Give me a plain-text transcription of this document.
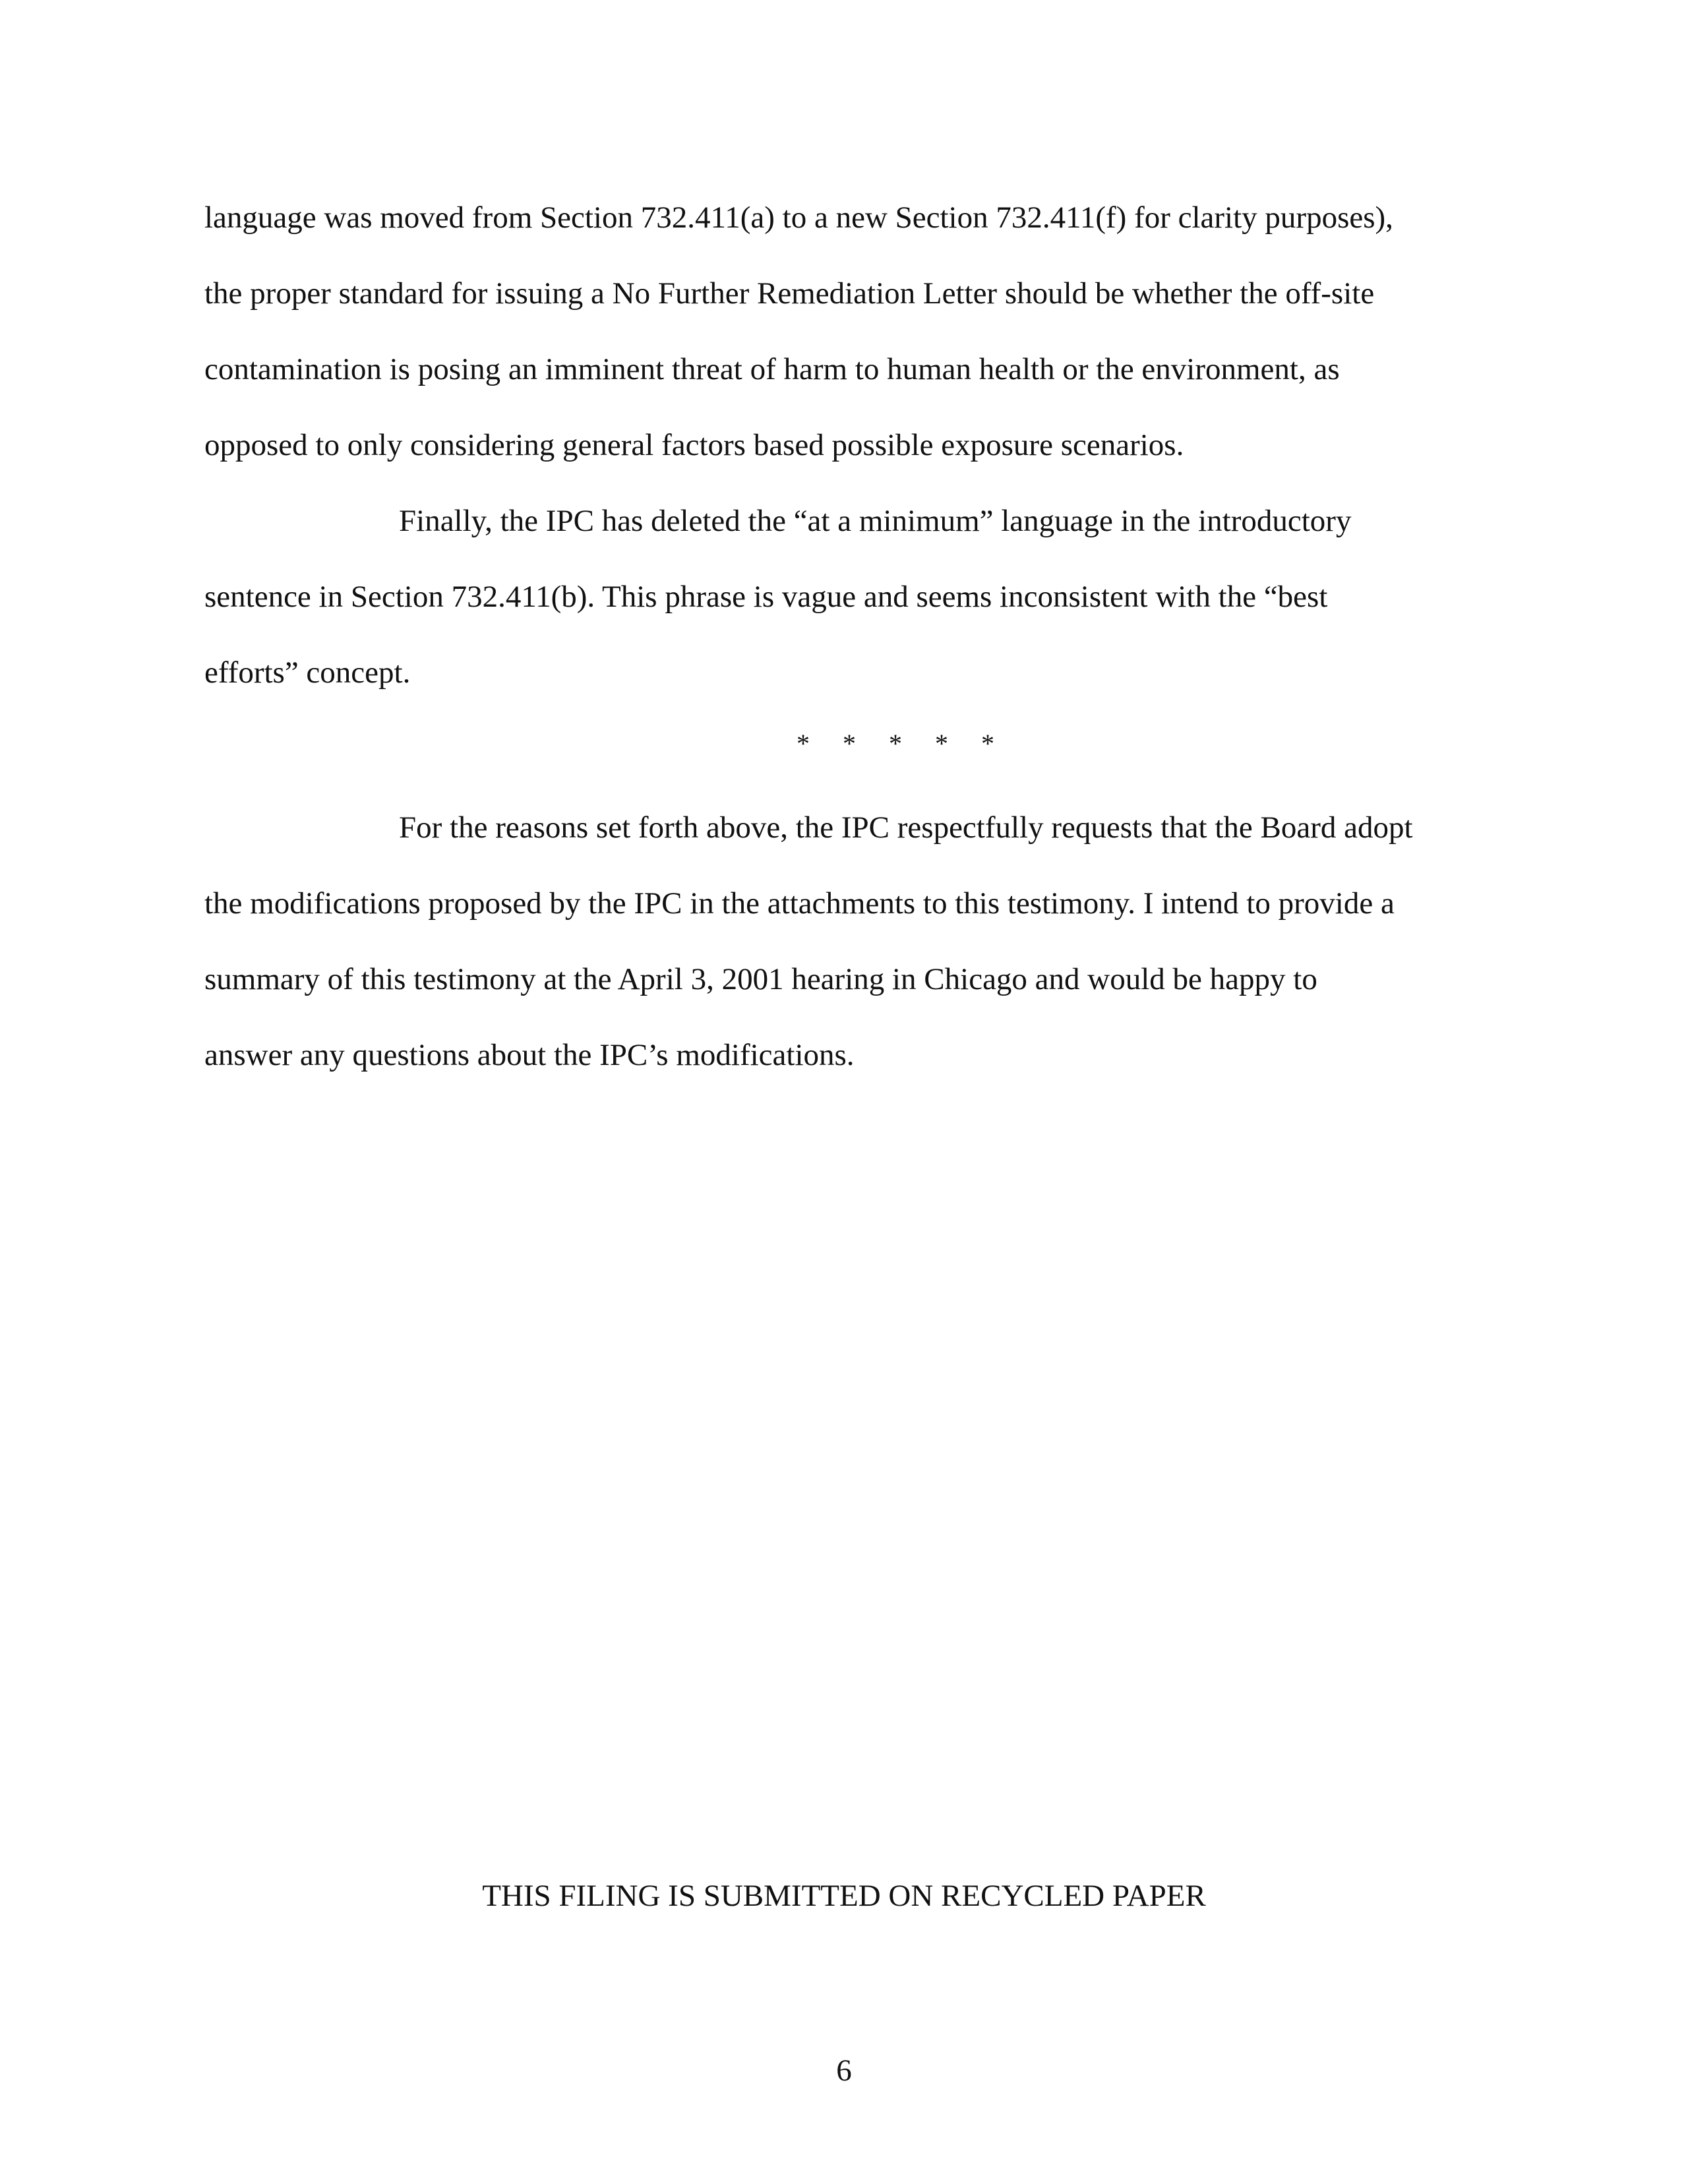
language was moved from Section 732.411(a) to a new Section 732.411(f) for clarity purposes),

the proper standard for issuing a No Further Remediation Letter should be whether the off-site

contamination is posing an imminent threat of harm to human health or the environment, as

opposed to only considering general factors based possible exposure scenarios.

Finally, the IPC has deleted the “at a minimum” language in the introductory

sentence in Section 732.411(b). This phrase is vague and seems inconsistent with the “best

efforts” concept.

* * * * *

For the reasons set forth above, the IPC respectfully requests that the Board adopt

the modifications proposed by the IPC in the attachments to this testimony. I intend to provide a

summary of this testimony at the April 3, 2001 hearing in Chicago and would be happy to

answer any questions about the IPC’s modifications.

THIS FILING IS SUBMITTED ON RECYCLED PAPER
6
